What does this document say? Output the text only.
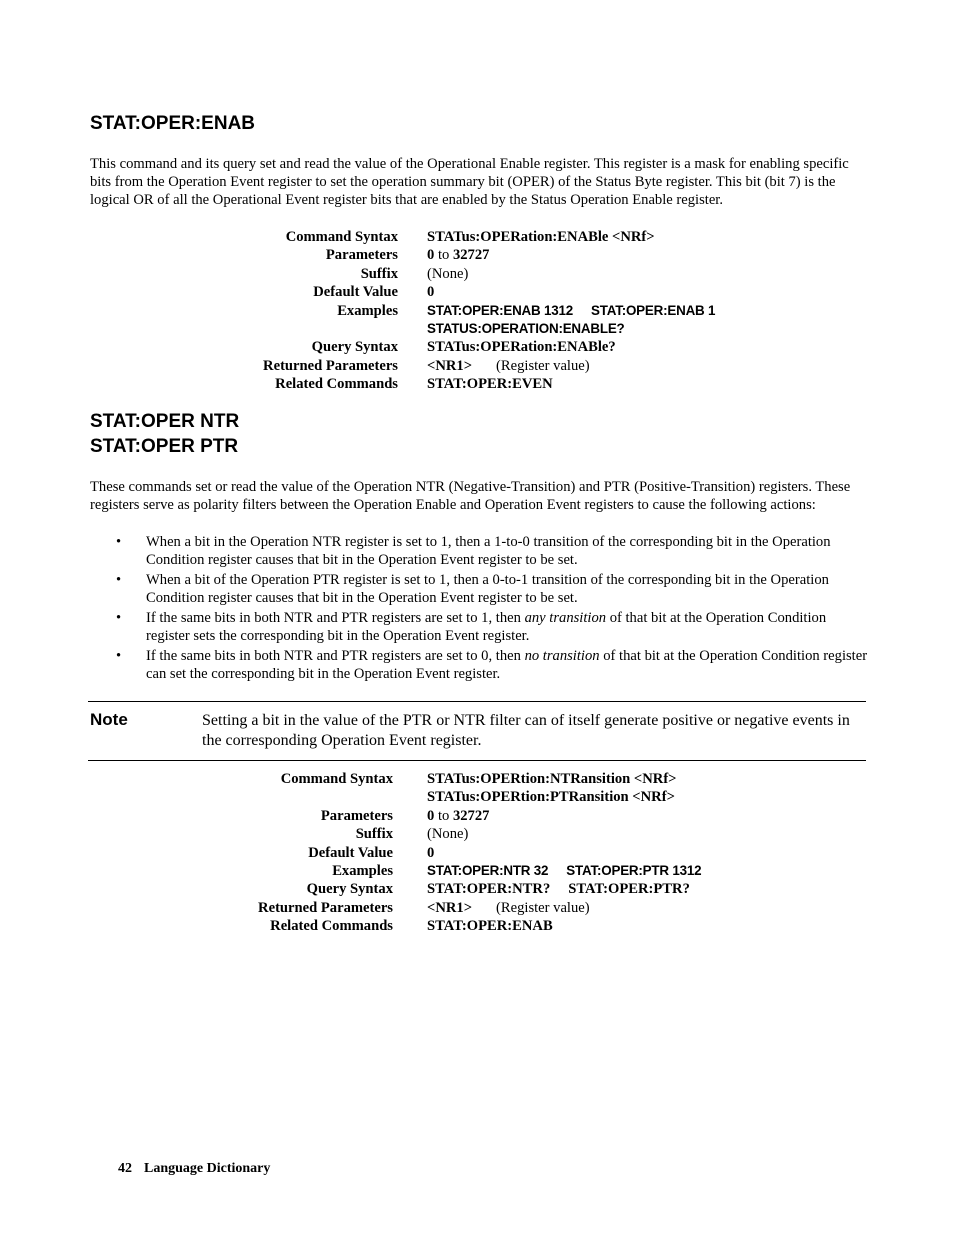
STAT:OPER:ENAB

This command and its query set and read the value of the Operational Enable register. This register is a mask for enabling specific bits from the Operation Event register to set the operation summary bit (OPER) of the Status Byte register. This bit (bit 7) is the logical OR of all the Operational Event register bits that are enabled by the Status Operation Enable register.

Command Syntax STATus:OPERation:ENABle <NRf>
Parameters 0 to 32727
Suffix (None)
Default Value 0
Examples STAT:OPER:ENAB 1312 STAT:OPER:ENAB 1
STATUS:OPERATION:ENABLE?
Query Syntax STATus:OPERation:ENABle?
Returned Parameters <NR1> (Register value)
Related Commands STAT:OPER:EVEN
STAT:OPER NTR
STAT:OPER PTR

These commands set or read the value of the Operation NTR (Negative-Transition) and PTR (Positive-Transition) registers. These registers serve as polarity filters between the Operation Enable and Operation Event registers to cause the following actions:

• When a bit in the Operation NTR register is set to 1, then a 1-to-0 transition of the corresponding bit in the Operation Condition register causes that bit in the Operation Event register to be set.
• When a bit of the Operation PTR register is set to 1, then a 0-to-1 transition of the corresponding bit in the Operation Condition register causes that bit in the Operation Event register to be set.
• If the same bits in both NTR and PTR registers are set to 1, then any transition of that bit at the Operation Condition register sets the corresponding bit in the Operation Event register.
• If the same bits in both NTR and PTR registers are set to 0, then no transition of that bit at the Operation Condition register can set the corresponding bit in the Operation Event register.
Note	Setting a bit in the value of the PTR or NTR filter can of itself generate positive or negative events in the corresponding Operation Event register.
Command Syntax STATus:OPERtion:NTRansition <NRf>
STATus:OPERtion:PTRansition <NRf>
Parameters 0 to 32727
Suffix (None)
Default Value 0
Examples	STAT:OPER:NTR 32 STAT:OPER:PTR 1312
Query Syntax STAT:OPER:NTR? STAT:OPER:PTR?
Returned Parameters <NR1> (Register value)
Related Commands STAT:OPER:ENAB
42 Language Dictionary
